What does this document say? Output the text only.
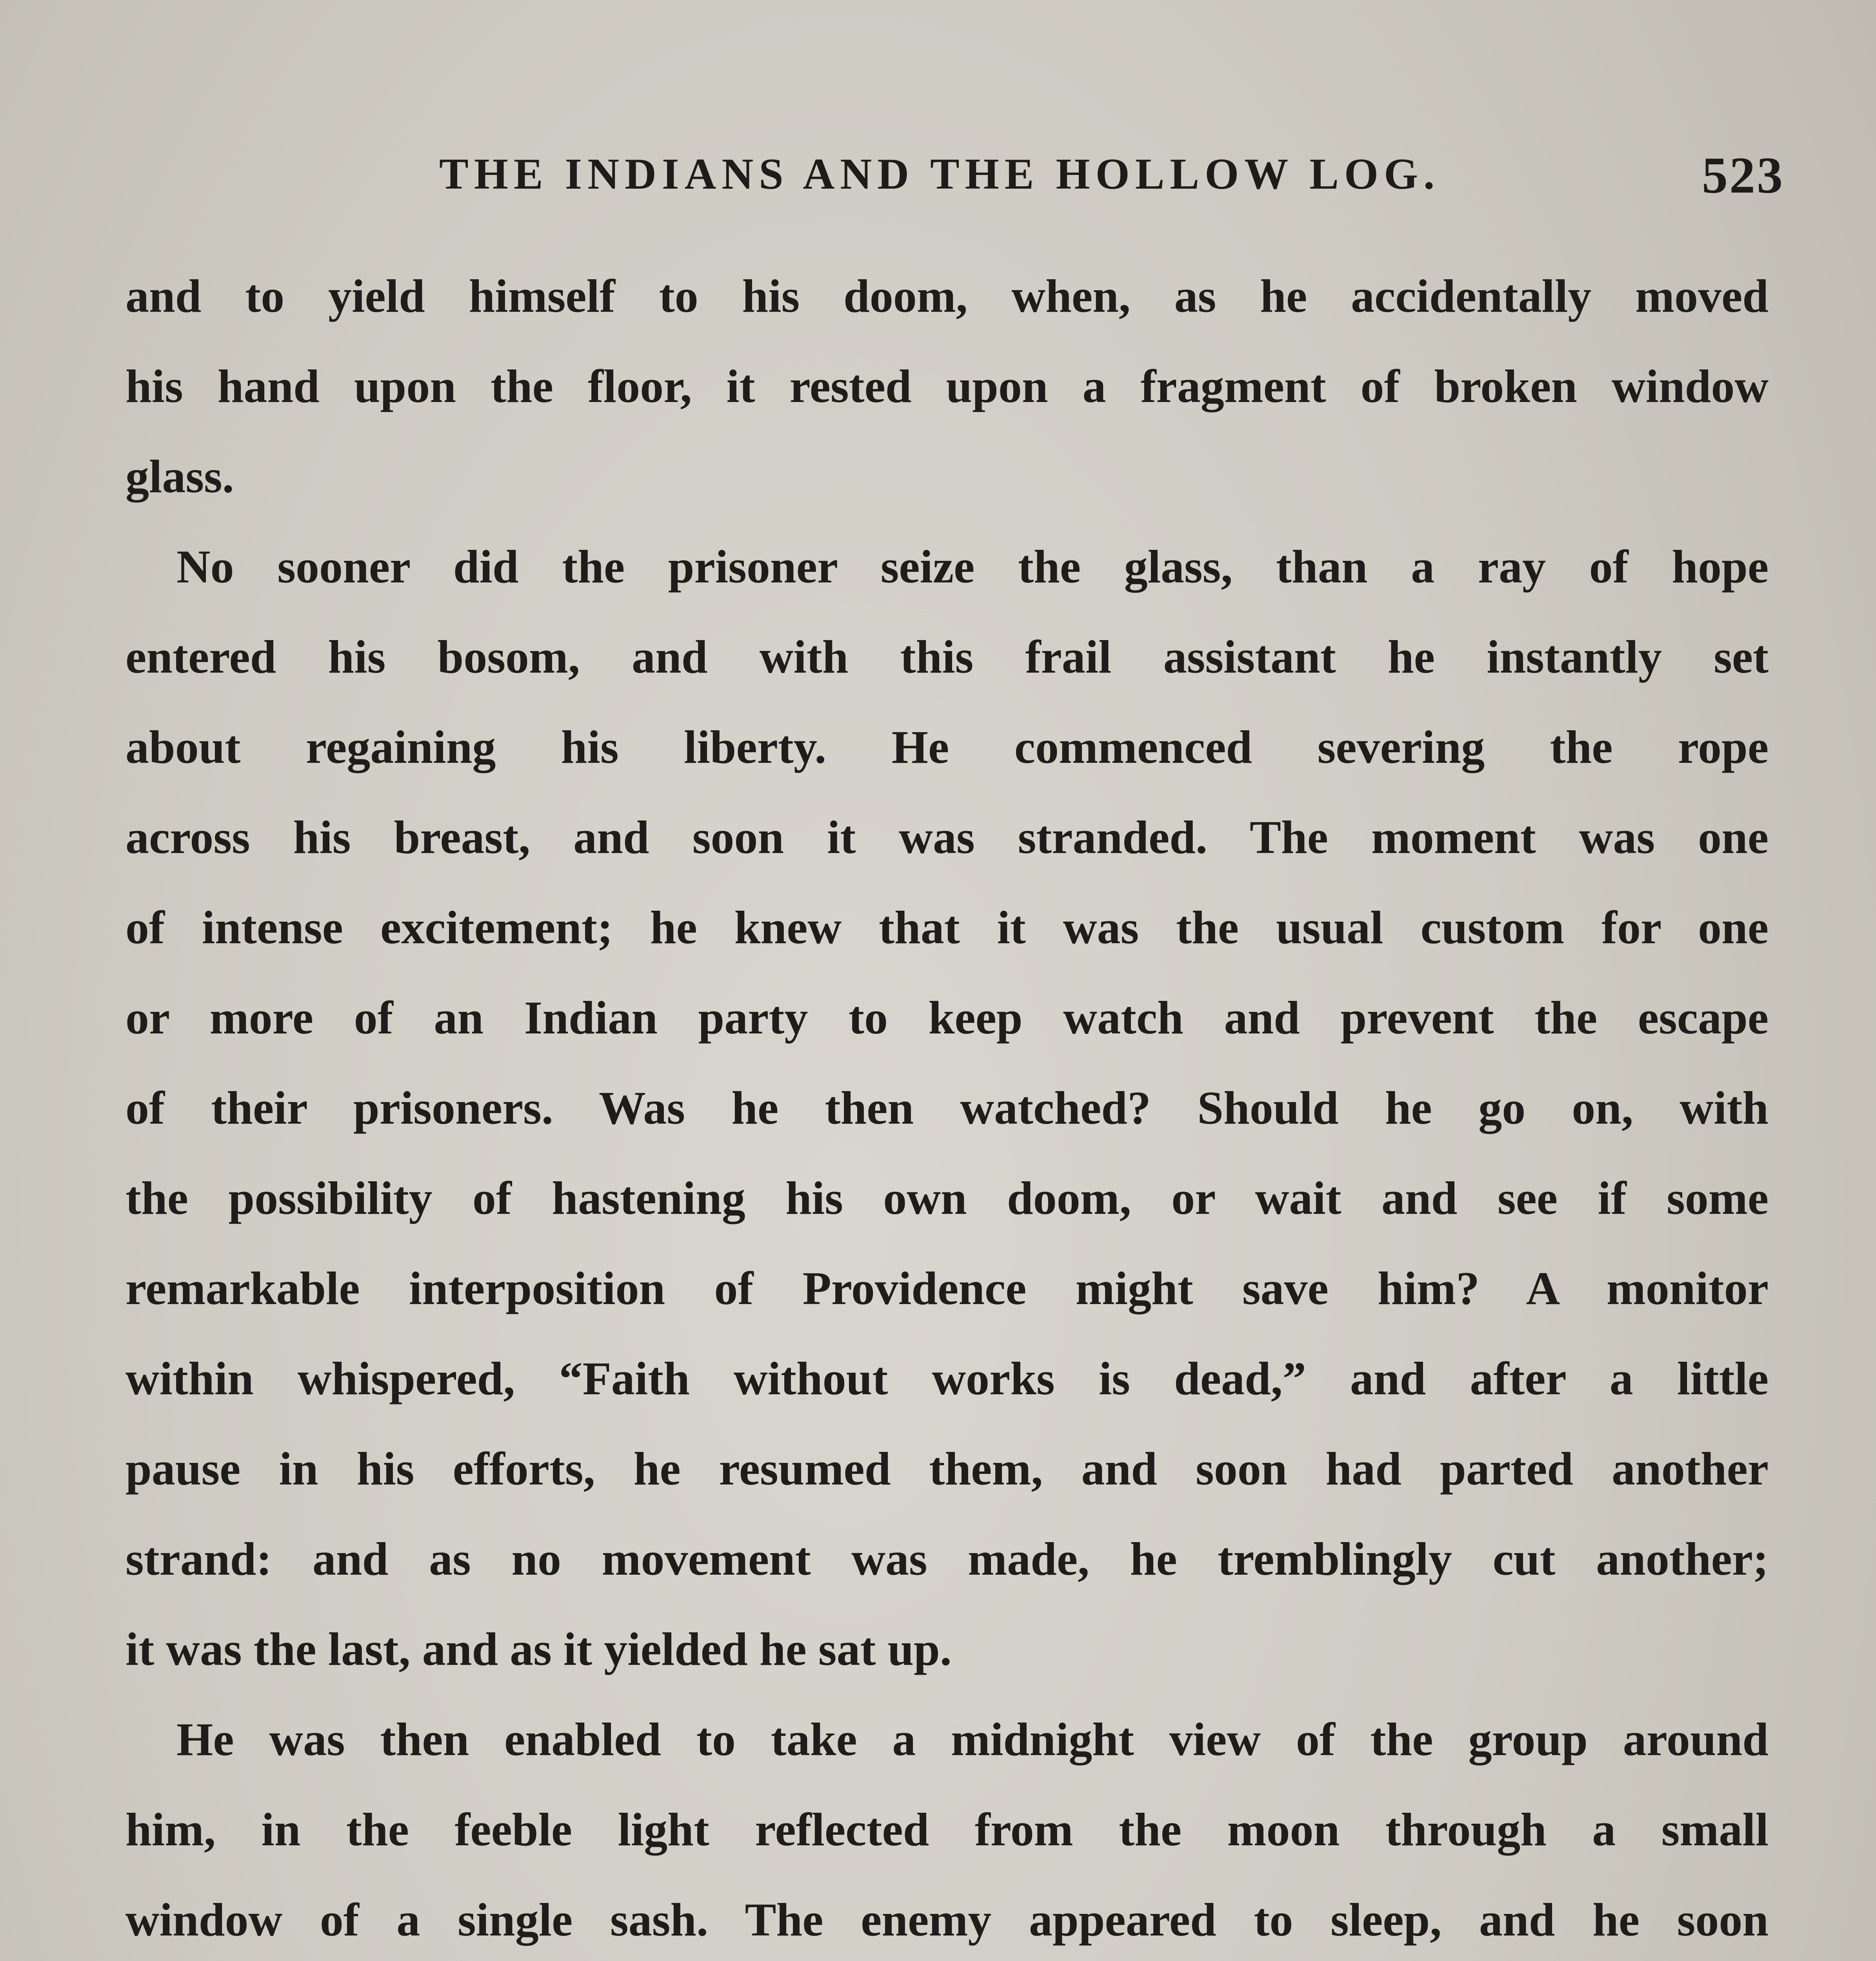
THE INDIANS AND THE HOLLOW LOG.	523

and to yield himself to his doom, when, as he accidentally moved
his hand upon the floor, it rested upon a fragment of broken window
glass.

No sooner did the prisoner seize the glass, than a ray of hope
entered his bosom, and with this frail assistant he instantly set
about regaining his liberty. He commenced severing the rope
across his breast, and soon it was stranded. The moment was one
of intense excitement; he knew that it was the usual custom for one
or more of an Indian party to keep watch and prevent the escape
of their prisoners. Was he then watched? Should he go on, with
the possibility of hastening his own doom, or wait and see if some
remarkable interposition of Providence might save him? A monitor
within whispered, “Faith without works is dead,” and after a little
pause in his efforts, he resumed them, and soon had parted another
strand: and as no movement was made, he tremblingly cut another;
it was the last, and as it yielded he sat up.

He was then enabled to take a midnight view of the group around
him, in the feeble light reflected from the moon through a small
window of a single sash. The enemy appeared to sleep, and he soon
